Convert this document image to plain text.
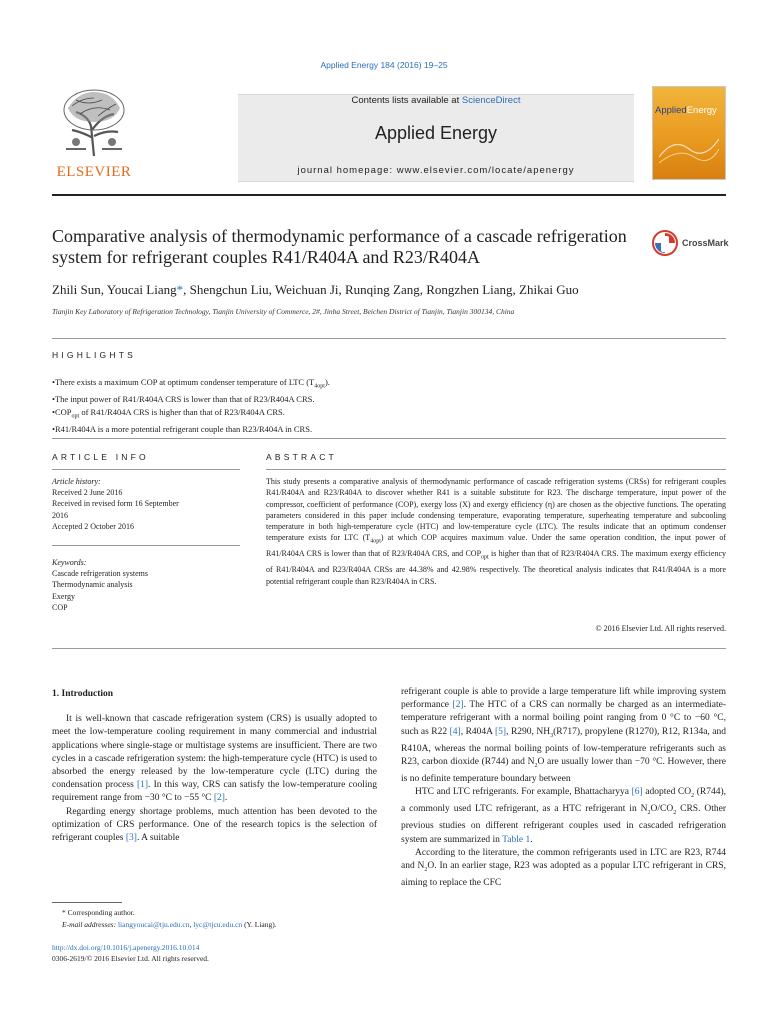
Applied Energy 184 (2016) 19–25
ELSEVIER
Contents lists available at ScienceDirect
Applied Energy
journal homepage: www.elsevier.com/locate/apenergy
AppliedEnergy
Comparative analysis of thermodynamic performance of a cascade refrigeration system for refrigerant couples R41/R404A and R23/R404A
CrossMark
Zhili Sun, Youcai Liang*, Shengchun Liu, Weichuan Ji, Runqing Zang, Rongzhen Liang, Zhikai Guo
Tianjin Key Laboratory of Refrigeration Technology, Tianjin University of Commerce, 2#, Jinba Street, Beichen District of Tianjin, Tianjin 300134, China
HIGHLIGHTS
• There exists a maximum COP at optimum condenser temperature of LTC $(T_{4opt})$.
• The input power of R41/R404A CRS is lower than that of R23/R404A CRS.
• $COP_{opt}$ of R41/R404A CRS is higher than that of R23/R404A CRS.
• R41/R404A is a more potential refrigerant couple than R23/R404A in CRS.
ARTICLE INFO	ABSTRACT
Article history:
Received 2 June 2016
Received in revised form 16 September
2016
Accepted 2 October 2016
Keywords:
Cascade refrigeration systems
Thermodynamic analysis
Exergy
COP
This study presents a comparative analysis of thermodynamic performance of cascade refrigeration systems (CRSs) for refrigerant couples R41/R404A and R23/R404A to discover whether R41 is a suitable substitute for R23. The discharge temperature, input power of the compressor, coefficient of performance (COP), exergy loss (X) and exergy efficiency (η) are chosen as the objective functions. The operating parameters considered in this paper include condensing temperature, evaporating temperature, superheating temperature and subcooling temperature in both high-temperature cycle (HTC) and low-temperature cycle (LTC). The results indicate that an optimum condenser temperature exists for LTC $(T_{4opt})$ at which COP acquires maximum value. Under the same operation condition, the input power of R41/R404A CRS is lower than that of R23/R404A CRS, and $COP_{opt}$ is higher than that of R23/R404A CRS. The maximum exergy efficiency of R41/R404A and R23/R404A CRSs are 44.38% and 42.98% respectively. The theoretical analysis indicates that R41/R404A is a more potential refrigerant couple than R23/R404A in CRS.
© 2016 Elsevier Ltd. All rights reserved.
1. Introduction

It is well-known that cascade refrigeration system (CRS) is usually adopted to meet the low-temperature cooling requirement in many commercial and industrial applications where single-stage or multistage systems are insufficient. There are two cycles in a cascade refrigeration system: the high-temperature cycle (HTC) is used to absorbed the energy released by the low-temperature cycle (LTC) during the condensation process [1]. In this way, CRS can satisfy the low-temperature cooling requirement range from −30 °C to −55 °C [2].

Regarding energy shortage problems, much attention has been devoted to the optimization of CRS performance. One of the research topics is the selection of refrigerant couples [3]. A suitable

refrigerant couple is able to provide a large temperature lift while improving system performance [2]. The HTC of a CRS can normally be charged as an intermediate-temperature refrigerant with a normal boiling point ranging from 0 °C to −60 °C, such as R22 [4], R404A [5], R290, $NH_3(R717)$, propylene (R1270), R12, R134a, and R410A, whereas the normal boiling points of low-temperature refrigerants such as R23, carbon dioxide (R744) and $N_2O$ are usually lower than −70 °C. However, there is no definite temperature boundary between

HTC and LTC refrigerants. For example, Bhattacharyya [6] adopted $CO_2$ (R744), a commonly used LTC refrigerant, as a HTC refrigerant in $N_2O/CO_2$ CRS. Other previous studies on different refrigerant couples used in cascaded refrigeration system are summarized in Table 1.

According to the literature, the common refrigerants used in LTC are R23, R744 and $N_2O$. In an earlier stage, R23 was adopted as a popular LTC refrigerant in CRS, aiming to replace the CFC

* Corresponding author.
E-mail addresses: liangyoucai@tju.edu.cn, lyc@tjcu.edu.cn (Y. Liang).
http://dx.doi.org/10.1016/j.apenergy.2016.10.014
0306-2619/© 2016 Elsevier Ltd. All rights reserved.
